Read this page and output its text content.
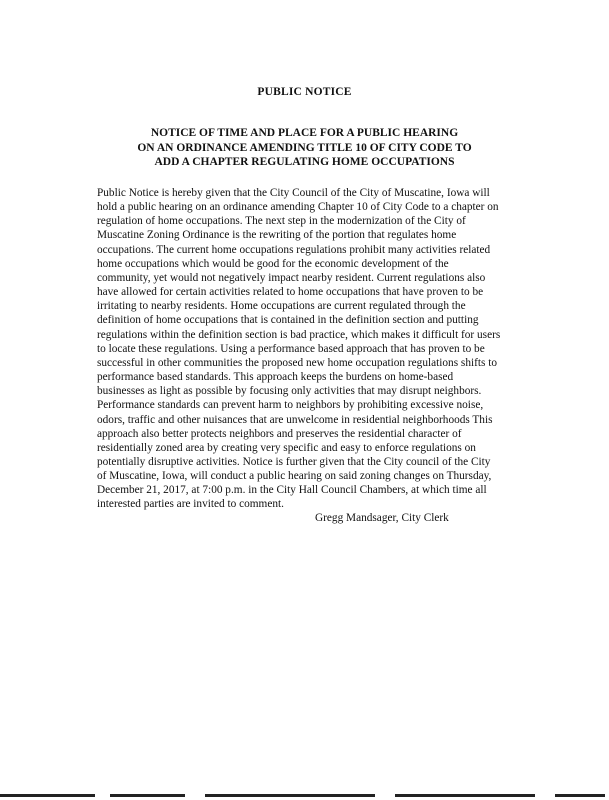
PUBLIC NOTICE
NOTICE OF TIME AND PLACE FOR A PUBLIC HEARING
ON AN ORDINANCE AMENDING TITLE 10 OF CITY CODE TO
ADD A CHAPTER REGULATING HOME OCCUPATIONS
Public Notice is hereby given that the City Council of the City of Muscatine, Iowa will
hold a public hearing on an ordinance amending Chapter 10 of City Code to a chapter on
regulation of home occupations. The next step in the modernization of the City of
Muscatine Zoning Ordinance is the rewriting of the portion that regulates home
occupations. The current home occupations regulations prohibit many activities related
home occupations which would be good for the economic development of the
community, yet would not negatively impact nearby resident. Current regulations also
have allowed for certain activities related to home occupations that have proven to be
irritating to nearby residents. Home occupations are current regulated through the
definition of home occupations that is contained in the definition section and putting
regulations within the definition section is bad practice, which makes it difficult for users
to locate these regulations. Using a performance based approach that has proven to be
successful in other communities the proposed new home occupation regulations shifts to
performance based standards. This approach keeps the burdens on home-based
businesses as light as possible by focusing only activities that may disrupt neighbors.
Performance standards can prevent harm to neighbors by prohibiting excessive noise,
odors, traffic and other nuisances that are unwelcome in residential neighborhoods This
approach also better protects neighbors and preserves the residential character of
residentially zoned area by creating very specific and easy to enforce regulations on
potentially disruptive activities. Notice is further given that the City council of the City
of Muscatine, Iowa, will conduct a public hearing on said zoning changes on Thursday,
December 21, 2017, at 7:00 p.m. in the City Hall Council Chambers, at which time all
interested parties are invited to comment.
Gregg Mandsager, City Clerk
